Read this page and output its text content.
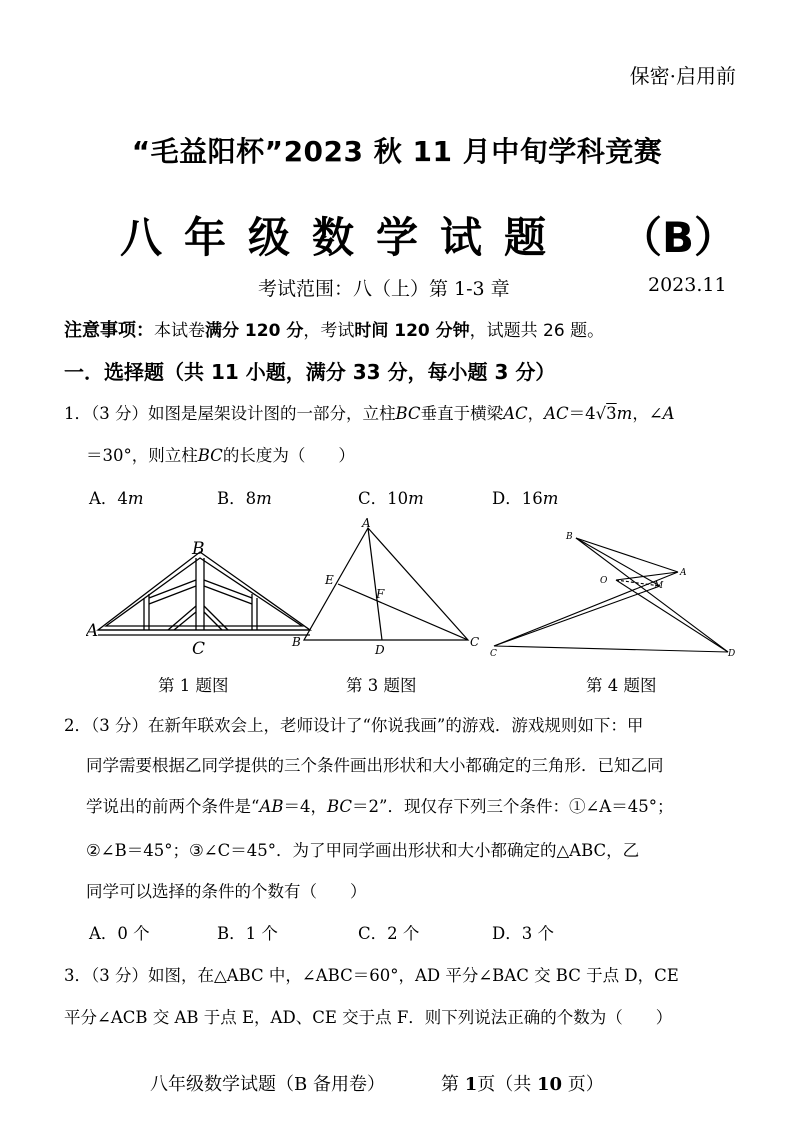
保密·启用前
“毛益阳杯”2023 秋 11 月中旬学科竞赛
八年级数学试题 （B）
考试范围：八（上）第 1-3 章	2023.11
注意事项：本试卷满分 120 分，考试时间 120 分钟，试题共 26 题。
一．选择题（共 11 小题，满分 33 分，每小题 3 分）
1．（3 分）如图是屋架设计图的一部分，立柱BC垂直于横梁AC，AC＝4√3m，∠A
＝30°，则立柱BC的长度为（　　）
A．4m	B．8m	C．10m	D．16m
A
B
C
A
E
F
B
D
C
B
O
A
M
C	D
第 1 题图	第 3 题图	第 4 题图
2．（3 分）在新年联欢会上，老师设计了“你说我画”的游戏．游戏规则如下：甲
同学需要根据乙同学提供的三个条件画出形状和大小都确定的三角形．已知乙同
学说出的前两个条件是“AB＝4，BC＝2”．现仅存下列三个条件：①∠A＝45°；
②∠B＝45°；③∠C＝45°．为了甲同学画出形状和大小都确定的△ABC，乙
同学可以选择的条件的个数有（　　）
A．0 个	B．1 个	C．2 个	D．3 个
3．（3 分）如图，在△ABC 中，∠ABC＝60°，AD 平分∠BAC 交 BC 于点 D，CE
平分∠ACB 交 AB 于点 E，AD、CE 交于点 F．则下列说法正确的个数为（　　）
八年级数学试题（B 备用卷）	第 1页（共 10 页）
